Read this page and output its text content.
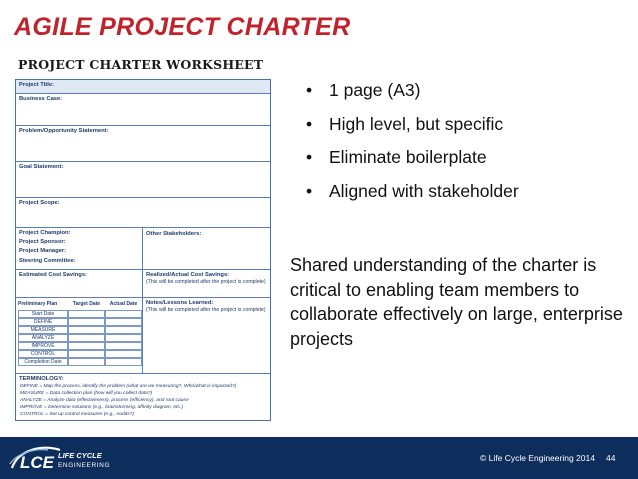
AGILE PROJECT CHARTER
PROJECT CHARTER WORKSHEET
Project Title:
Business Case:
Problem/Opportunity Statement:
Goal Statement:
Project Scope:
Project Champion:
Project Sponsor:
Project Manager:
Steering Committee:
Other Stakeholders:
Estimated Cost Savings:	Realized/Actual Cost Savings:
(This will be completed after the project is complete)
Notes/Lessons Learned:
(This will be completed after the project is complete)
Preliminary Plan	Target Date	Actual Date
Start Date
DEFINE
MEASURE
ANALYZE
IMPROVE
CONTROL
Completion Date
TERMINOLOGY:
DEFINE = Map the process, identify the problem (what are we measuring?, Who/what is impacted?)
MEASURE = Data collection plan (how will you collect data?)
ANALYZE = Analyze data (effectiveness), process (efficiency), and root cause
IMPROVE = Determine solutions (e.g., brainstorming, affinity diagram, etc.)
CONTROL = Set up control measures (e.g., Audits?)
• 1 page (A3)
• High level, but specific
• Eliminate boilerplate
• Aligned with stakeholder

Shared understanding of the charter is critical to enabling team members to collaborate effectively on large, enterprise projects

LCE LIFE CYCLE
ENGINEERING
© Life Cycle Engineering 2014 44
